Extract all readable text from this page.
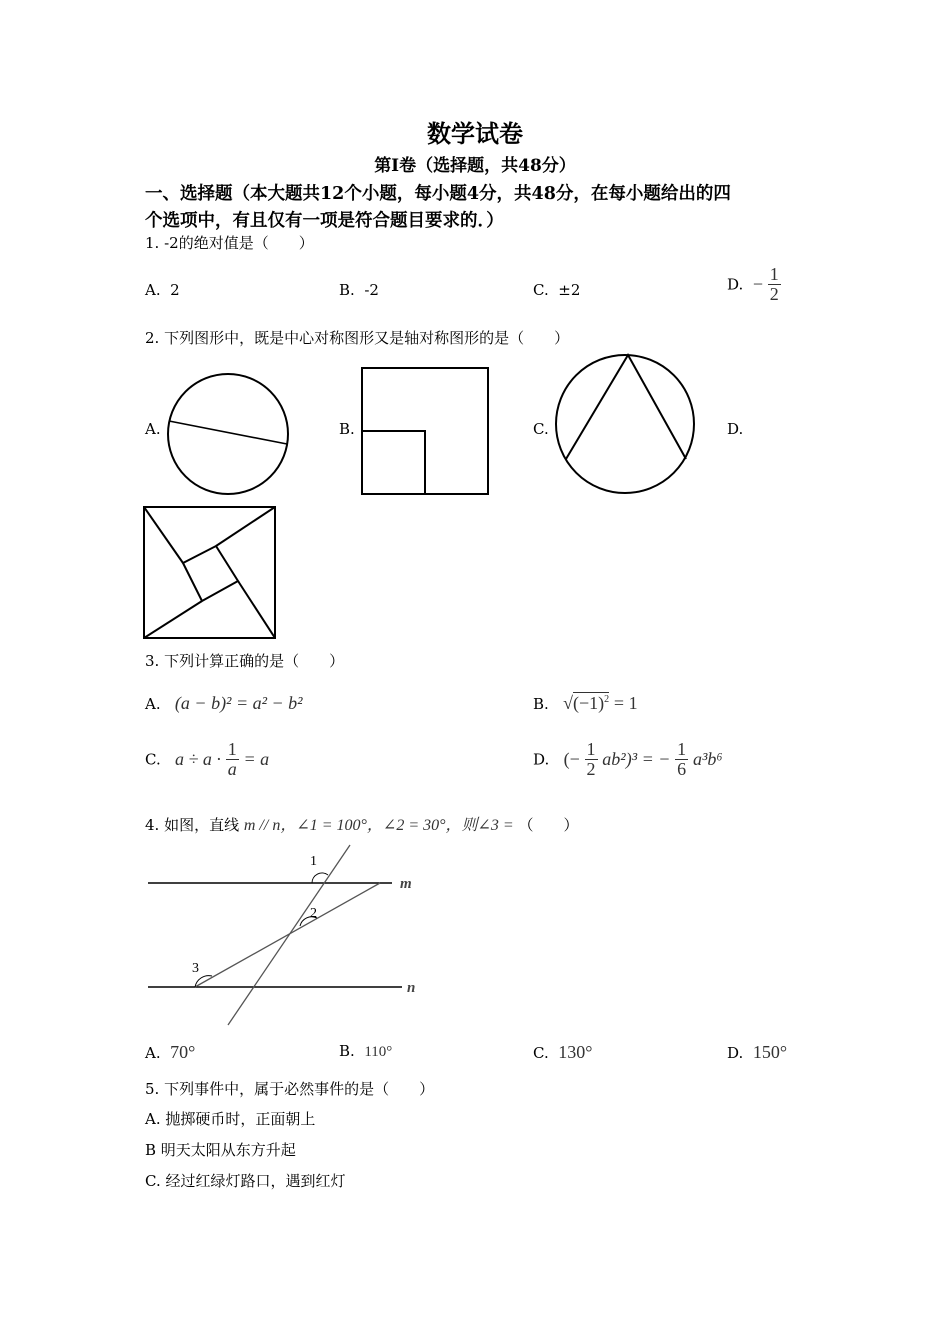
数学试卷
第Ⅰ卷（选择题，共48分）
一、选择题（本大题共12个小题，每小题4分，共48分，在每小题给出的四
个选项中，有且仅有一项是符合题目要求的．）
1. -2的绝对值是（　　）
A. 2	B. -2	C. ±2	D. − $\frac{1}{2}$
2. 下列图形中，既是中心对称图形又是轴对称图形的是（　　）
A.	B.	C.	D.
3. 下列计算正确的是（　　）
A. (a − b)² = a² − b²	B. $√(-1)^2 = 1$
C. $a \div a \cdot \frac{1}{a} = a$	D. (− $\frac{1}{2} ab^2)^3$ = − $\frac{1}{6} a^3b^6$
4. 如图，直线 m // n，∠1 = 100°，∠2 = 30°，则∠3 = （　　）
1
2
3
m
n
A. 70°	B. 110°	C. 130°	D. 150°
5. 下列事件中，属于必然事件的是（　　）
A. 抛掷硬币时，正面朝上
B 明天太阳从东方升起
C. 经过红绿灯路口，遇到红灯
